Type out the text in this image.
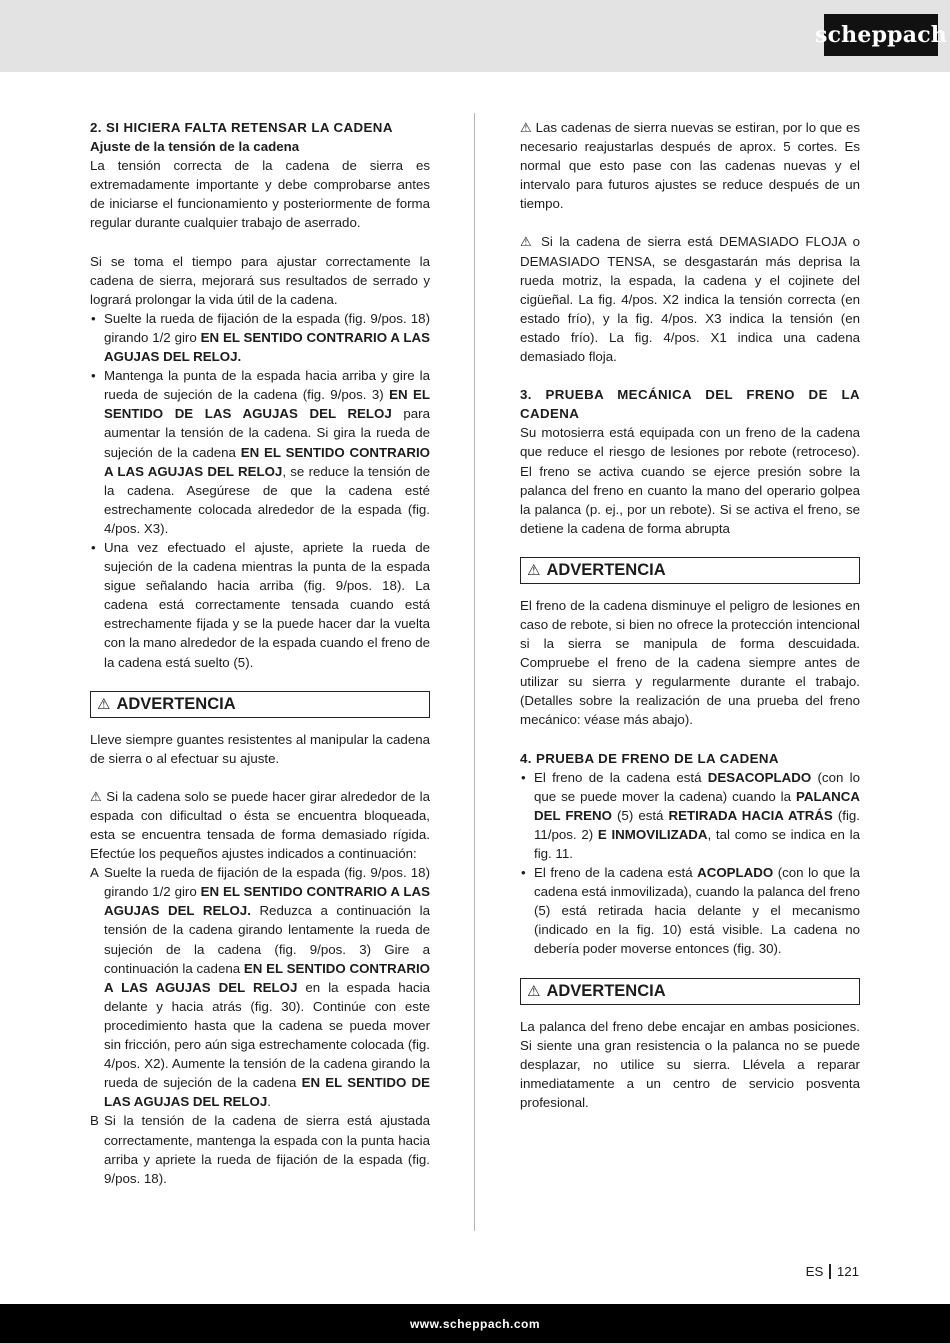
scheppach

2. SI HICIERA FALTA RETENSAR LA CADENA

Ajuste de la tensión de la cadena

La tensión correcta de la cadena de sierra es extremadamente importante y debe comprobarse antes de iniciarse el funcionamiento y posteriormente de forma regular durante cualquier trabajo de aserrado.

Si se toma el tiempo para ajustar correctamente la cadena de sierra, mejorará sus resultados de serrado y logrará prolongar la vida útil de la cadena.

• Suelte la rueda de fijación de la espada (fig. 9/pos. 18) girando 1/2 giro EN EL SENTIDO CONTRARIO A LAS AGUJAS DEL RELOJ.
• Mantenga la punta de la espada hacia arriba y gire la rueda de sujeción de la cadena (fig. 9/pos. 3) EN EL SENTIDO DE LAS AGUJAS DEL RELOJ para aumentar la tensión de la cadena. Si gira la rueda de sujeción de la cadena EN EL SENTIDO CONTRARIO A LAS AGUJAS DEL RELOJ, se reduce la tensión de la cadena. Asegúrese de que la cadena esté estrechamente colocada alrededor de la espada (fig. 4/pos. X3).
• Una vez efectuado el ajuste, apriete la rueda de sujeción de la cadena mientras la punta de la espada sigue señalando hacia arriba (fig. 9/pos. 18). La cadena está correctamente tensada cuando está estrechamente fijada y se la puede hacer dar la vuelta con la mano alrededor de la espada cuando el freno de la cadena está suelto (5).
⚠ ADVERTENCIA

Lleve siempre guantes resistentes al manipular la cadena de sierra o al efectuar su ajuste.

⚠ Si la cadena solo se puede hacer girar alrededor de la espada con dificultad o ésta se encuentra bloqueada, esta se encuentra tensada de forma demasiado rígida. Efectúe los pequeños ajustes indicados a continuación:

A Suelte la rueda de fijación de la espada (fig. 9/pos. 18) girando 1/2 giro EN EL SENTIDO CONTRARIO A LAS AGUJAS DEL RELOJ. Reduzca a continuación la tensión de la cadena girando lentamente la rueda de sujeción de la cadena (fig. 9/pos. 3) Gire a continuación la cadena EN EL SENTIDO CONTRARIO A LAS AGUJAS DEL RELOJ en la espada hacia delante y hacia atrás (fig. 30). Continúe con este procedimiento hasta que la cadena se pueda mover sin fricción, pero aún siga estrechamente colocada (fig. 4/pos. X2). Aumente la tensión de la cadena girando la rueda de sujeción de la cadena EN EL SENTIDO DE LAS AGUJAS DEL RELOJ.
B Si la tensión de la cadena de sierra está ajustada correctamente, mantenga la espada con la punta hacia arriba y apriete la rueda de fijación de la espada (fig. 9/pos. 18).

⚠ Las cadenas de sierra nuevas se estiran, por lo que es necesario reajustarlas después de aprox. 5 cortes. Es normal que esto pase con las cadenas nuevas y el intervalo para futuros ajustes se reduce después de un tiempo.

⚠ Si la cadena de sierra está DEMASIADO FLOJA o DEMASIADO TENSA, se desgastarán más deprisa la rueda motriz, la espada, la cadena y el cojinete del cigüeñal. La fig. 4/pos. X2 indica la tensión correcta (en estado frío), y la fig. 4/pos. X3 indica la tensión (en estado frío). La fig. 4/pos. X1 indica una cadena demasiado floja.

3. PRUEBA MECÁNICA DEL FRENO DE LA CADENA

Su motosierra está equipada con un freno de la cadena que reduce el riesgo de lesiones por rebote (retroceso). El freno se activa cuando se ejerce presión sobre la palanca del freno en cuanto la mano del operario golpea la palanca (p. ej., por un rebote). Si se activa el freno, se detiene la cadena de forma abrupta

⚠ ADVERTENCIA

El freno de la cadena disminuye el peligro de lesiones en caso de rebote, si bien no ofrece la protección intencional si la sierra se manipula de forma descuidada. Compruebe el freno de la cadena siempre antes de utilizar su sierra y regularmente durante el trabajo. (Detalles sobre la realización de una prueba del freno mecánico: véase más abajo).

4. PRUEBA DE FRENO DE LA CADENA

• El freno de la cadena está DESACOPLADO (con lo que se puede mover la cadena) cuando la PALANCA DEL FRENO (5) está RETIRADA HACIA ATRÁS (fig. 11/pos. 2) E INMOVILIZADA, tal como se indica en la fig. 11.
• El freno de la cadena está ACOPLADO (con lo que la cadena está inmovilizada), cuando la palanca del freno (5) está retirada hacia delante y el mecanismo (indicado en la fig. 10) está visible. La cadena no debería poder moverse entonces (fig. 30).
⚠ ADVERTENCIA

La palanca del freno debe encajar en ambas posiciones. Si siente una gran resistencia o la palanca no se puede desplazar, no utilice su sierra. Llévela a reparar inmediatamente a un centro de servicio posventa profesional.

ES 121
www.scheppach.com
